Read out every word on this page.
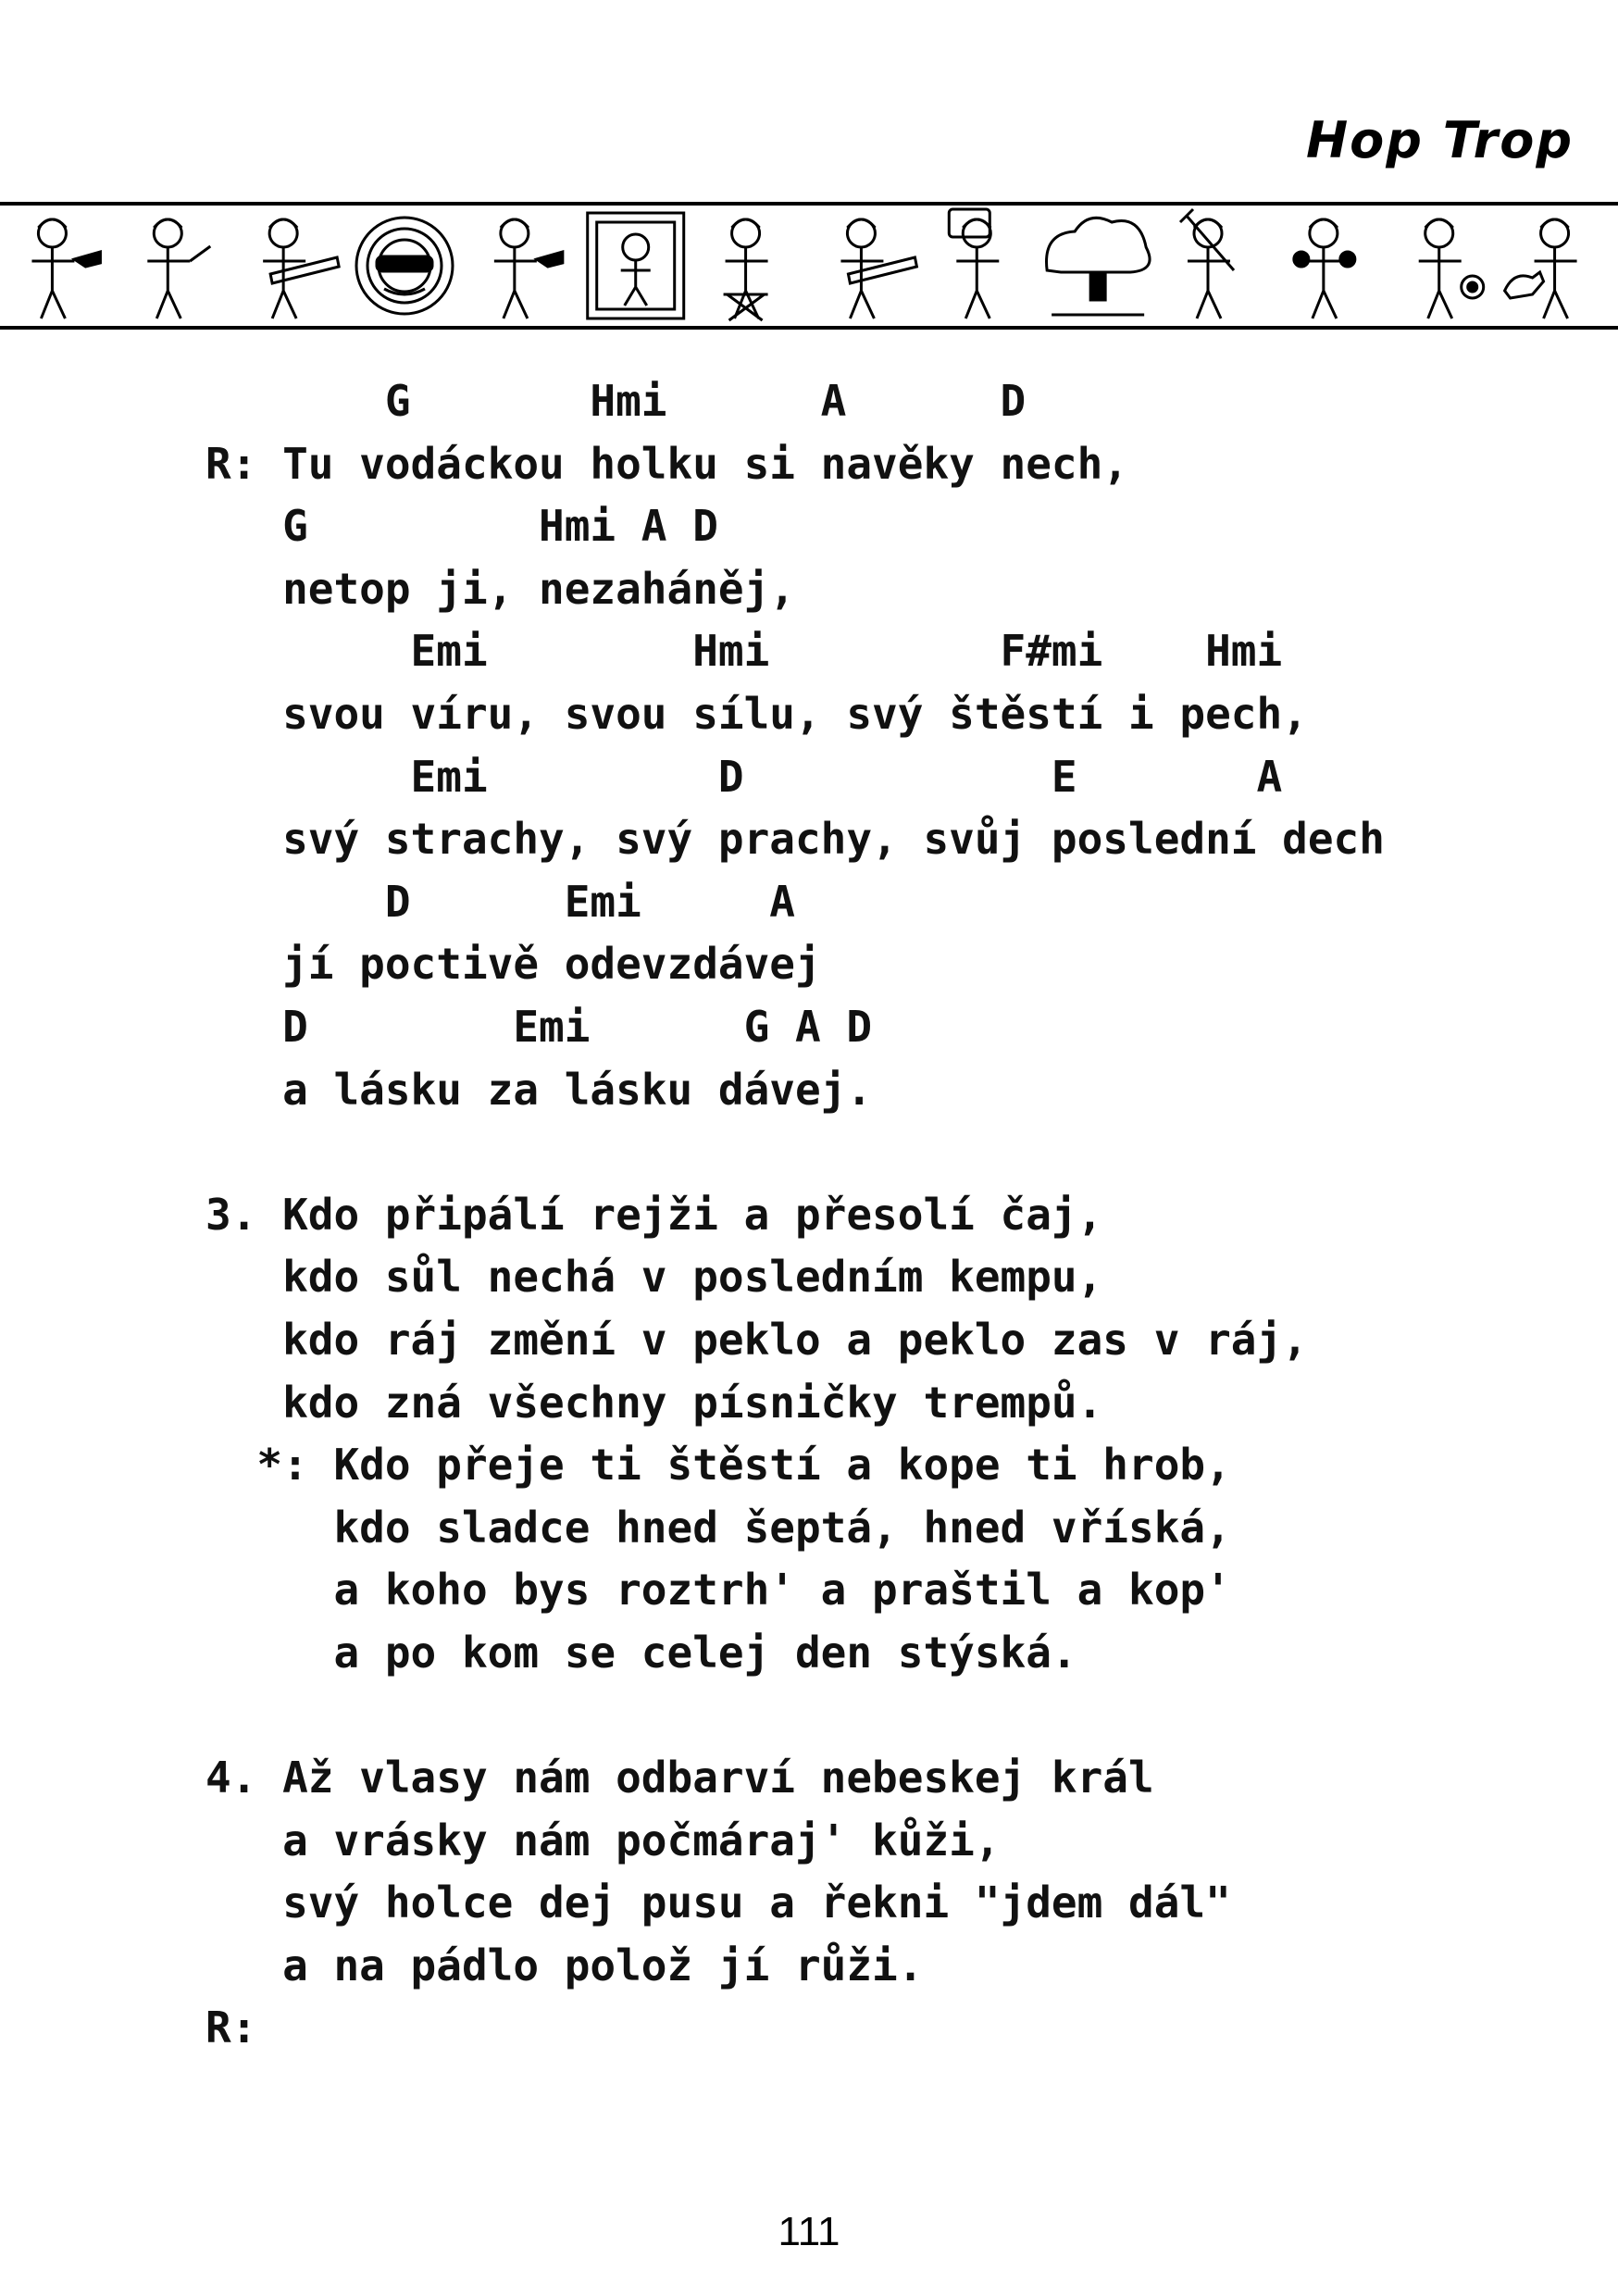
Hop Trop
G       Hmi      A      D
R: Tu vodáckou holku si navěky nech,
G         Hmi A D
netop ji, nezaháněj,
Emi        Hmi         F#mi    Hmi
svou víru, svou sílu, svý štěstí i pech,
Emi         D            E       A
svý strachy, svý prachy, svůj poslední dech
D      Emi     A
jí poctivě odevzdávej
D        Emi      G A D
a lásku za lásku dávej.
3. Kdo připálí rejži a přesolí čaj,
kdo sůl nechá v posledním kempu,
kdo ráj změní v peklo a peklo zas v ráj,
kdo zná všechny písničky trempů.
*: Kdo přeje ti štěstí a kope ti hrob,
kdo sladce hned šeptá, hned vříská,
a koho bys roztrh' a praštil a kop'
a po kom se celej den stýská.
4. Až vlasy nám odbarví nebeskej král
a vrásky nám počmáraj' kůži,
svý holce dej pusu a řekni "jdem dál"
a na pádlo polož jí růži.
R:
111
